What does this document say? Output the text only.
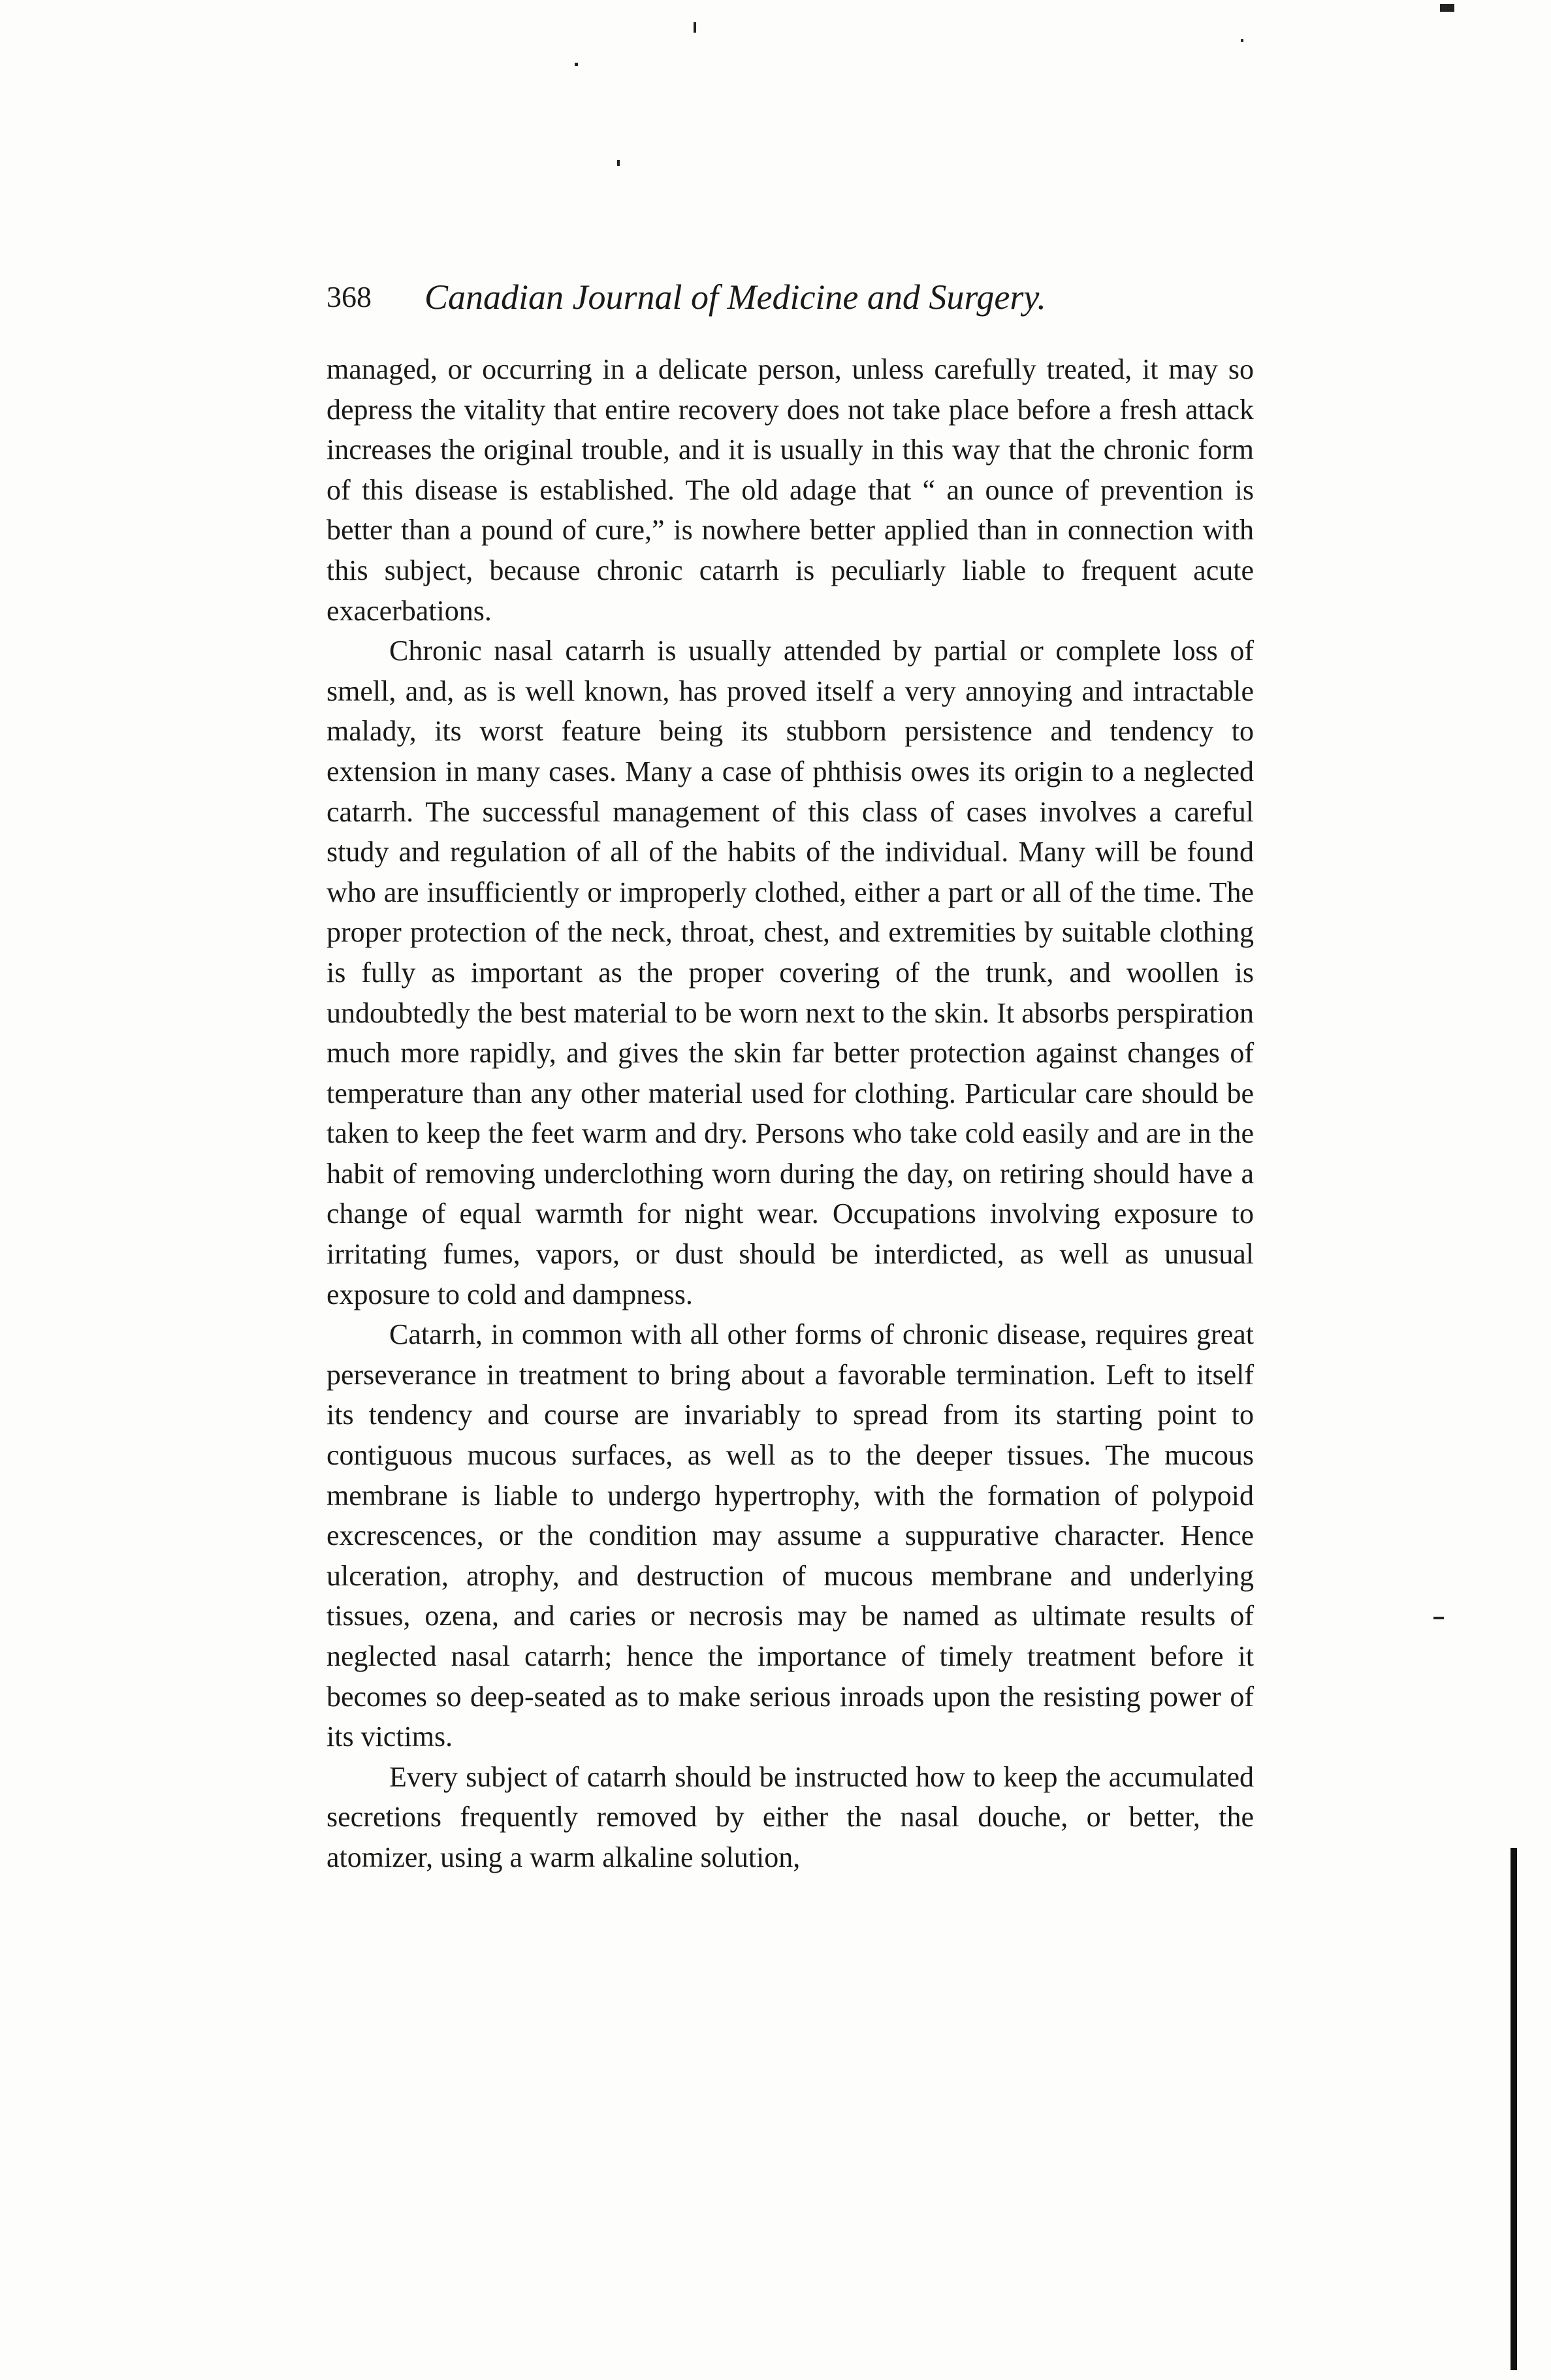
368 Canadian Journal of Medicine and Surgery.

managed, or occurring in a delicate person, unless carefully treated, it may so depress the vitality that entire recovery does not take place before a fresh attack increases the original trouble, and it is usually in this way that the chronic form of this disease is established. The old adage that “ an ounce of prevention is better than a pound of cure,” is nowhere better applied than in connection with this subject, because chronic catarrh is peculiarly liable to frequent acute exacerbations.

Chronic nasal catarrh is usually attended by partial or complete loss of smell, and, as is well known, has proved itself a very annoying and intractable malady, its worst feature being its stubborn persistence and tendency to extension in many cases. Many a case of phthisis owes its origin to a neglected catarrh. The successful management of this class of cases involves a careful study and regulation of all of the habits of the individual. Many will be found who are insufficiently or improperly clothed, either a part or all of the time. The proper protection of the neck, throat, chest, and extremities by suitable clothing is fully as important as the proper covering of the trunk, and woollen is undoubtedly the best material to be worn next to the skin. It absorbs perspiration much more rapidly, and gives the skin far better protection against changes of temperature than any other material used for clothing. Particular care should be taken to keep the feet warm and dry. Persons who take cold easily and are in the habit of removing underclothing worn during the day, on retiring should have a change of equal warmth for night wear. Occupations involving exposure to irritating fumes, vapors, or dust should be interdicted, as well as unusual exposure to cold and dampness.

Catarrh, in common with all other forms of chronic disease, requires great perseverance in treatment to bring about a favorable termination. Left to itself its tendency and course are invariably to spread from its starting point to contiguous mucous surfaces, as well as to the deeper tissues. The mucous membrane is liable to undergo hypertrophy, with the formation of polypoid excrescences, or the condition may assume a suppurative character. Hence ulceration, atrophy, and destruction of mucous membrane and underlying tissues, ozena, and caries or necrosis may be named as ultimate results of neglected nasal catarrh; hence the importance of timely treatment before it becomes so deep-seated as to make serious inroads upon the resisting power of its victims.

Every subject of catarrh should be instructed how to keep the accumulated secretions frequently removed by either the nasal douche, or better, the atomizer, using a warm alkaline solution,
